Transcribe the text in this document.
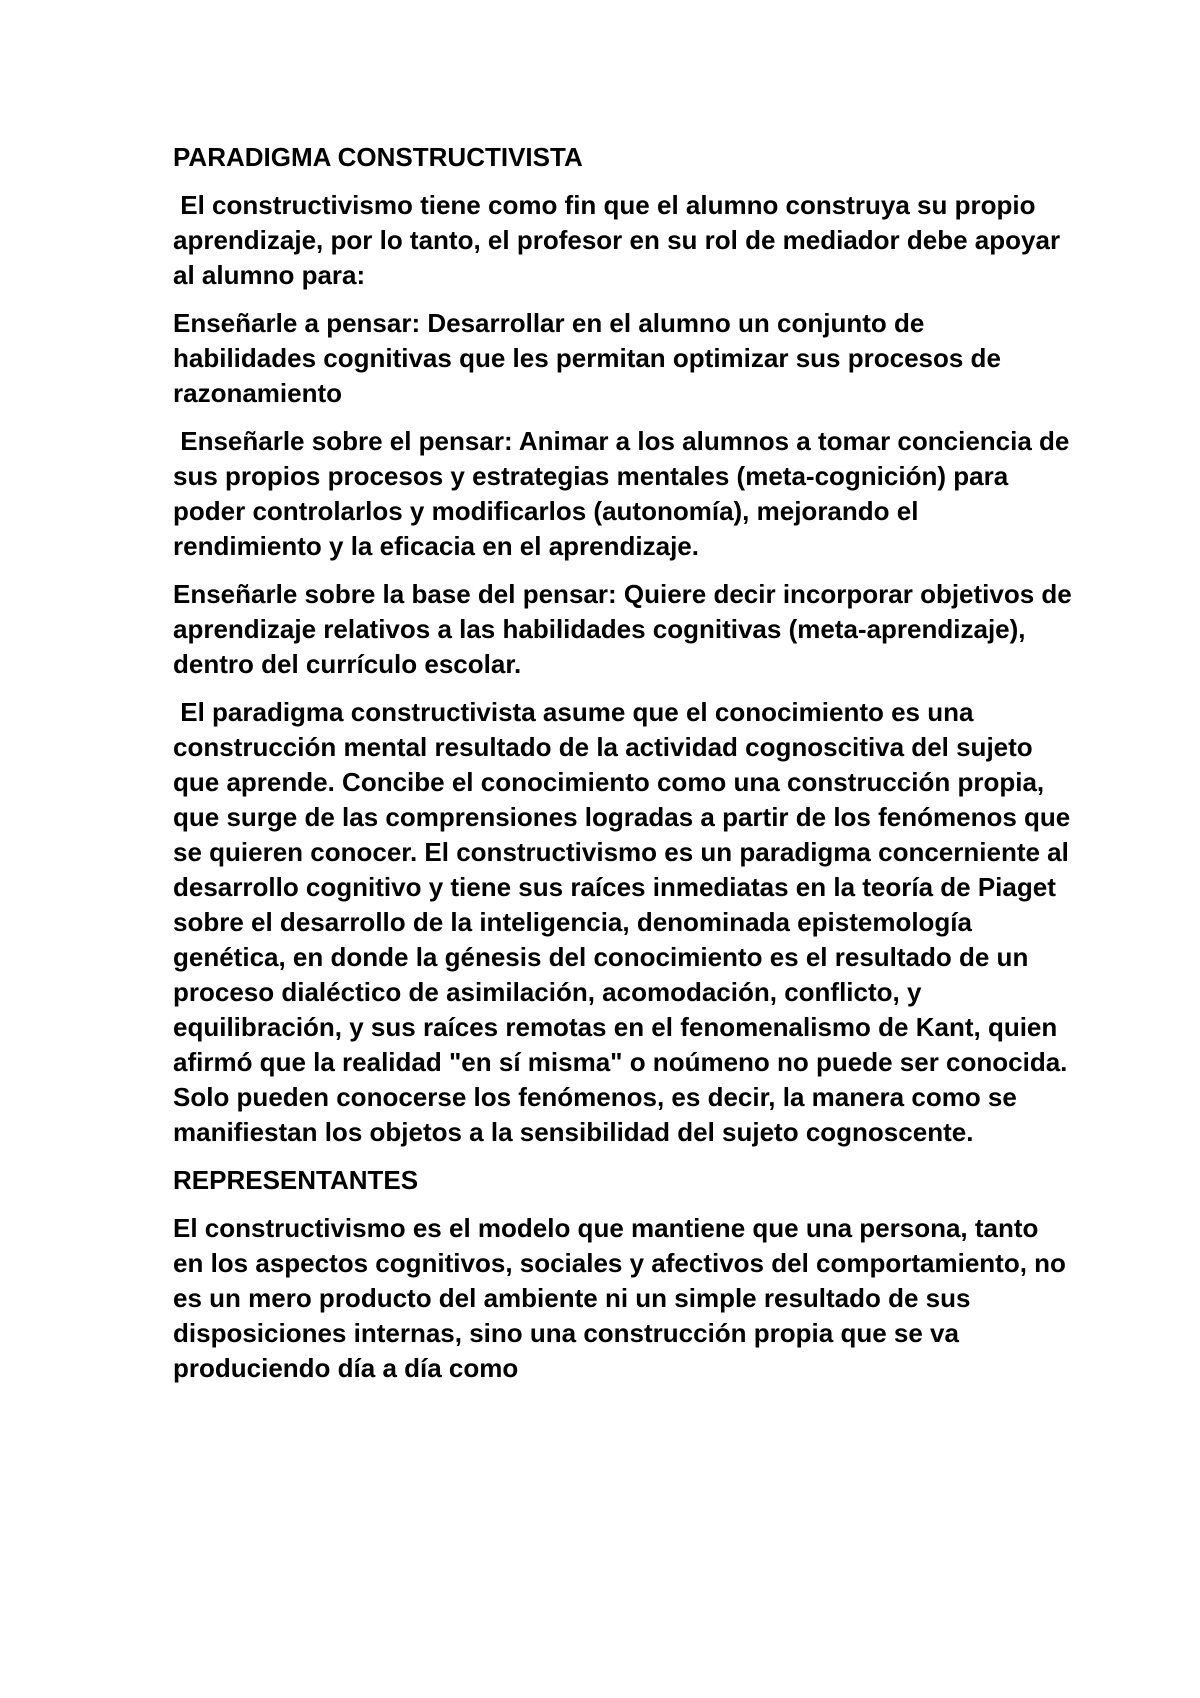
PARADIGMA CONSTRUCTIVISTA

El constructivismo tiene como fin que el alumno construya su propio aprendizaje, por lo tanto, el profesor en su rol de mediador debe apoyar al alumno para:

Enseñarle a pensar: Desarrollar en el alumno un conjunto de habilidades cognitivas que les permitan optimizar sus procesos de razonamiento

Enseñarle sobre el pensar: Animar a los alumnos a tomar conciencia de sus propios procesos y estrategias mentales (meta-cognición) para poder controlarlos y modificarlos (autonomía), mejorando el rendimiento y la eficacia en el aprendizaje.

Enseñarle sobre la base del pensar: Quiere decir incorporar objetivos de aprendizaje relativos a las habilidades cognitivas (meta-aprendizaje), dentro del currículo escolar.

El paradigma constructivista asume que el conocimiento es una construcción mental resultado de la actividad cognoscitiva del sujeto que aprende. Concibe el conocimiento como una construcción propia, que surge de las comprensiones logradas a partir de los fenómenos que se quieren conocer. El constructivismo es un paradigma concerniente al desarrollo cognitivo y tiene sus raíces inmediatas en la teoría de Piaget sobre el desarrollo de la inteligencia, denominada epistemología genética, en donde la génesis del conocimiento es el resultado de un proceso dialéctico de asimilación, acomodación, conflicto, y equilibración, y sus raíces remotas en el fenomenalismo de Kant, quien afirmó que la realidad "en sí misma" o noúmeno no puede ser conocida. Solo pueden conocerse los fenómenos, es decir, la manera como se manifiestan los objetos a la sensibilidad del sujeto cognoscente.

REPRESENTANTES

El constructivismo es el modelo que mantiene que una persona, tanto en los aspectos cognitivos, sociales y afectivos del comportamiento, no es un mero producto del ambiente ni un simple resultado de sus disposiciones internas, sino una construcción propia que se va produciendo día a día como
